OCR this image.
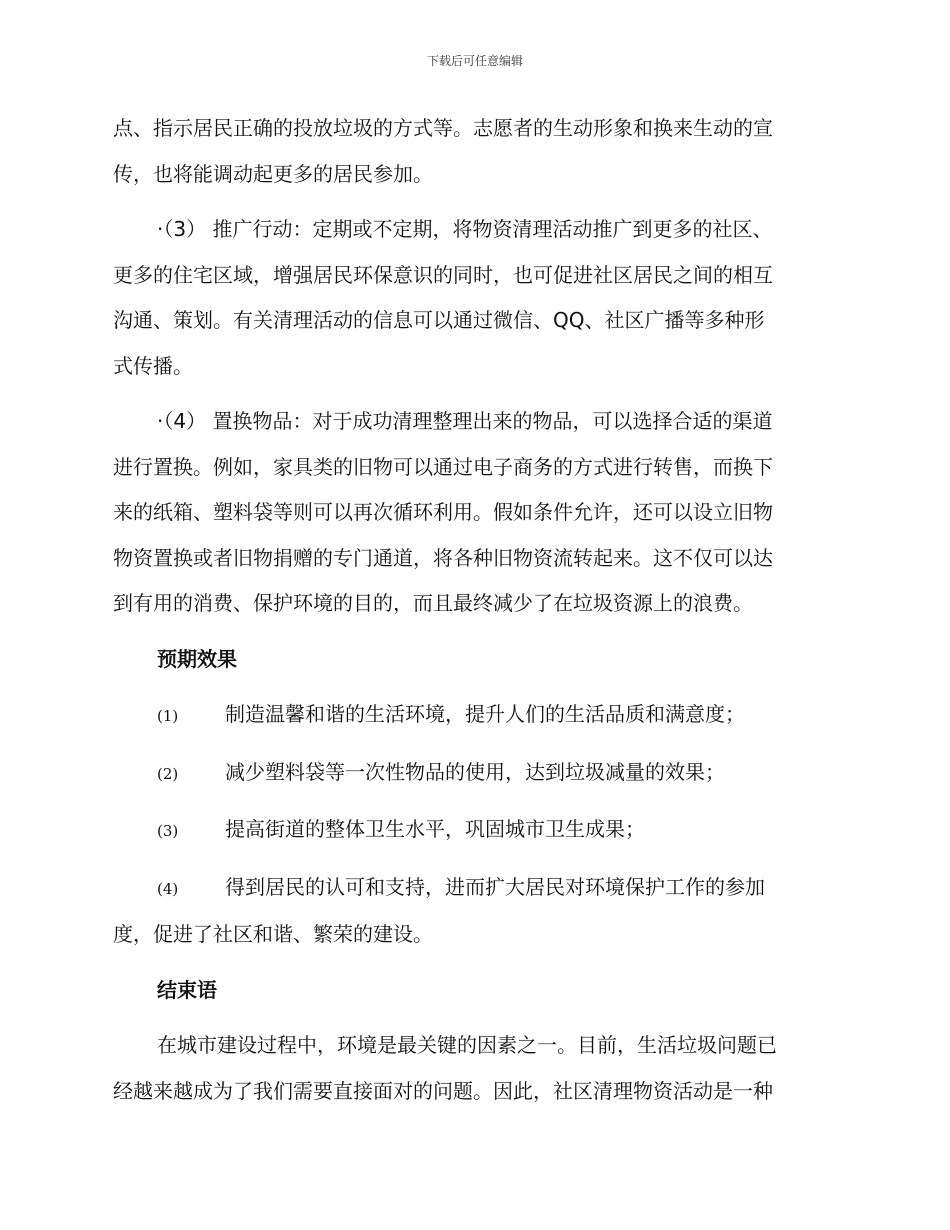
下载后可任意编辑

点、指示居民正确的投放垃圾的方式等。志愿者的生动形象和换来生动的宣

传，也将能调动起更多的居民参加。

·（3） 推广行动：定期或不定期，将物资清理活动推广到更多的社区、

更多的住宅区域，增强居民环保意识的同时，也可促进社区居民之间的相互

沟通、策划。有关清理活动的信息可以通过微信、QQ、社区广播等多种形

式传播。

·（4） 置换物品：对于成功清理整理出来的物品，可以选择合适的渠道

进行置换。例如，家具类的旧物可以通过电子商务的方式进行转售，而换下

来的纸箱、塑料袋等则可以再次循环利用。假如条件允许，还可以设立旧物

物资置换或者旧物捐赠的专门通道，将各种旧物资流转起来。这不仅可以达

到有用的消费、保护环境的目的，而且最终减少了在垃圾资源上的浪费。

预期效果

(1) 制造温馨和谐的生活环境，提升人们的生活品质和满意度；

(2) 减少塑料袋等一次性物品的使用，达到垃圾减量的效果；

(3) 提高街道的整体卫生水平，巩固城市卫生成果；

(4) 得到居民的认可和支持，进而扩大居民对环境保护工作的参加

度，促进了社区和谐、繁荣的建设。

结束语

在城市建设过程中，环境是最关键的因素之一。目前，生活垃圾问题已

经越来越成为了我们需要直接面对的问题。因此，社区清理物资活动是一种
